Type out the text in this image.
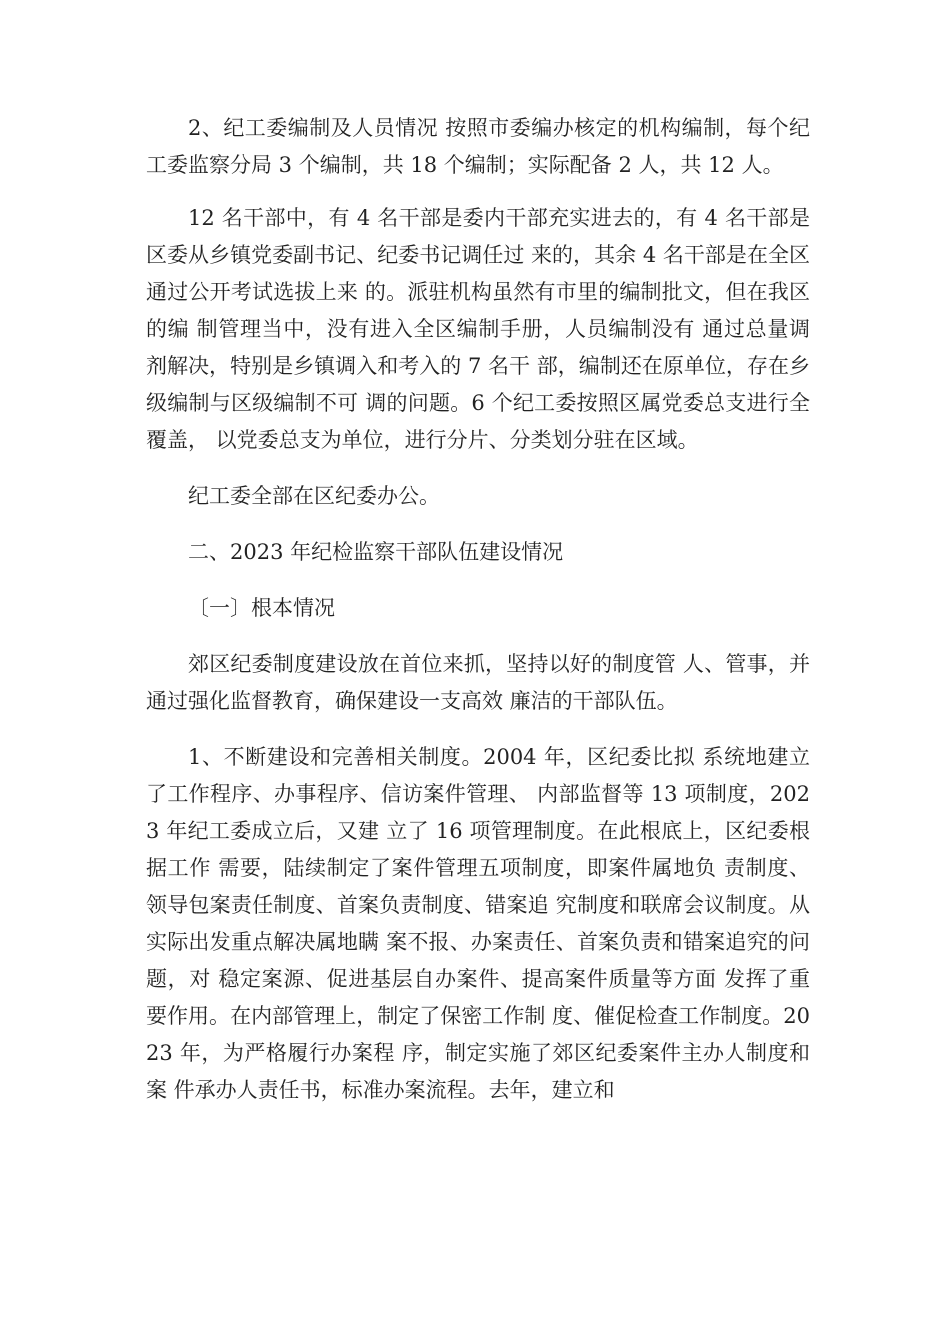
2、纪工委编制及人员情况 按照市委编办核定的机构编制，每个纪工委监察分局 3 个编制，共 18 个编制；实际配备 2 人，共 12 人。

12 名干部中，有 4 名干部是委内干部充实进去的，有 4 名干部是区委从乡镇党委副书记、纪委书记调任过 来的，其余 4 名干部是在全区通过公开考试选拔上来 的。派驻机构虽然有市里的编制批文，但在我区的编 制管理当中，没有进入全区编制手册，人员编制没有 通过总量调剂解决，特别是乡镇调入和考入的 7 名干 部，编制还在原单位，存在乡级编制与区级编制不可 调的问题。6 个纪工委按照区属党委总支进行全覆盖， 以党委总支为单位，进行分片、分类划分驻在区域。

纪工委全部在区纪委办公。

二、2023 年纪检监察干部队伍建设情况

〔一〕根本情况

郊区纪委制度建设放在首位来抓，坚持以好的制度管 人、管事，并通过强化监督教育，确保建设一支高效 廉洁的干部队伍。

1、不断建设和完善相关制度。2004 年，区纪委比拟 系统地建立了工作程序、办事程序、信访案件管理、 内部监督等 13 项制度，2023 年纪工委成立后，又建 立了 16 项管理制度。在此根底上，区纪委根据工作 需要，陆续制定了案件管理五项制度，即案件属地负 责制度、领导包案责任制度、首案负责制度、错案追 究制度和联席会议制度。从实际出发重点解决属地瞒 案不报、办案责任、首案负责和错案追究的问题，对 稳定案源、促进基层自办案件、提高案件质量等方面 发挥了重要作用。在内部管理上，制定了保密工作制 度、催促检查工作制度。2023 年，为严格履行办案程 序，制定实施了郊区纪委案件主办人制度和案 件承办人责任书，标准办案流程。去年，建立和
